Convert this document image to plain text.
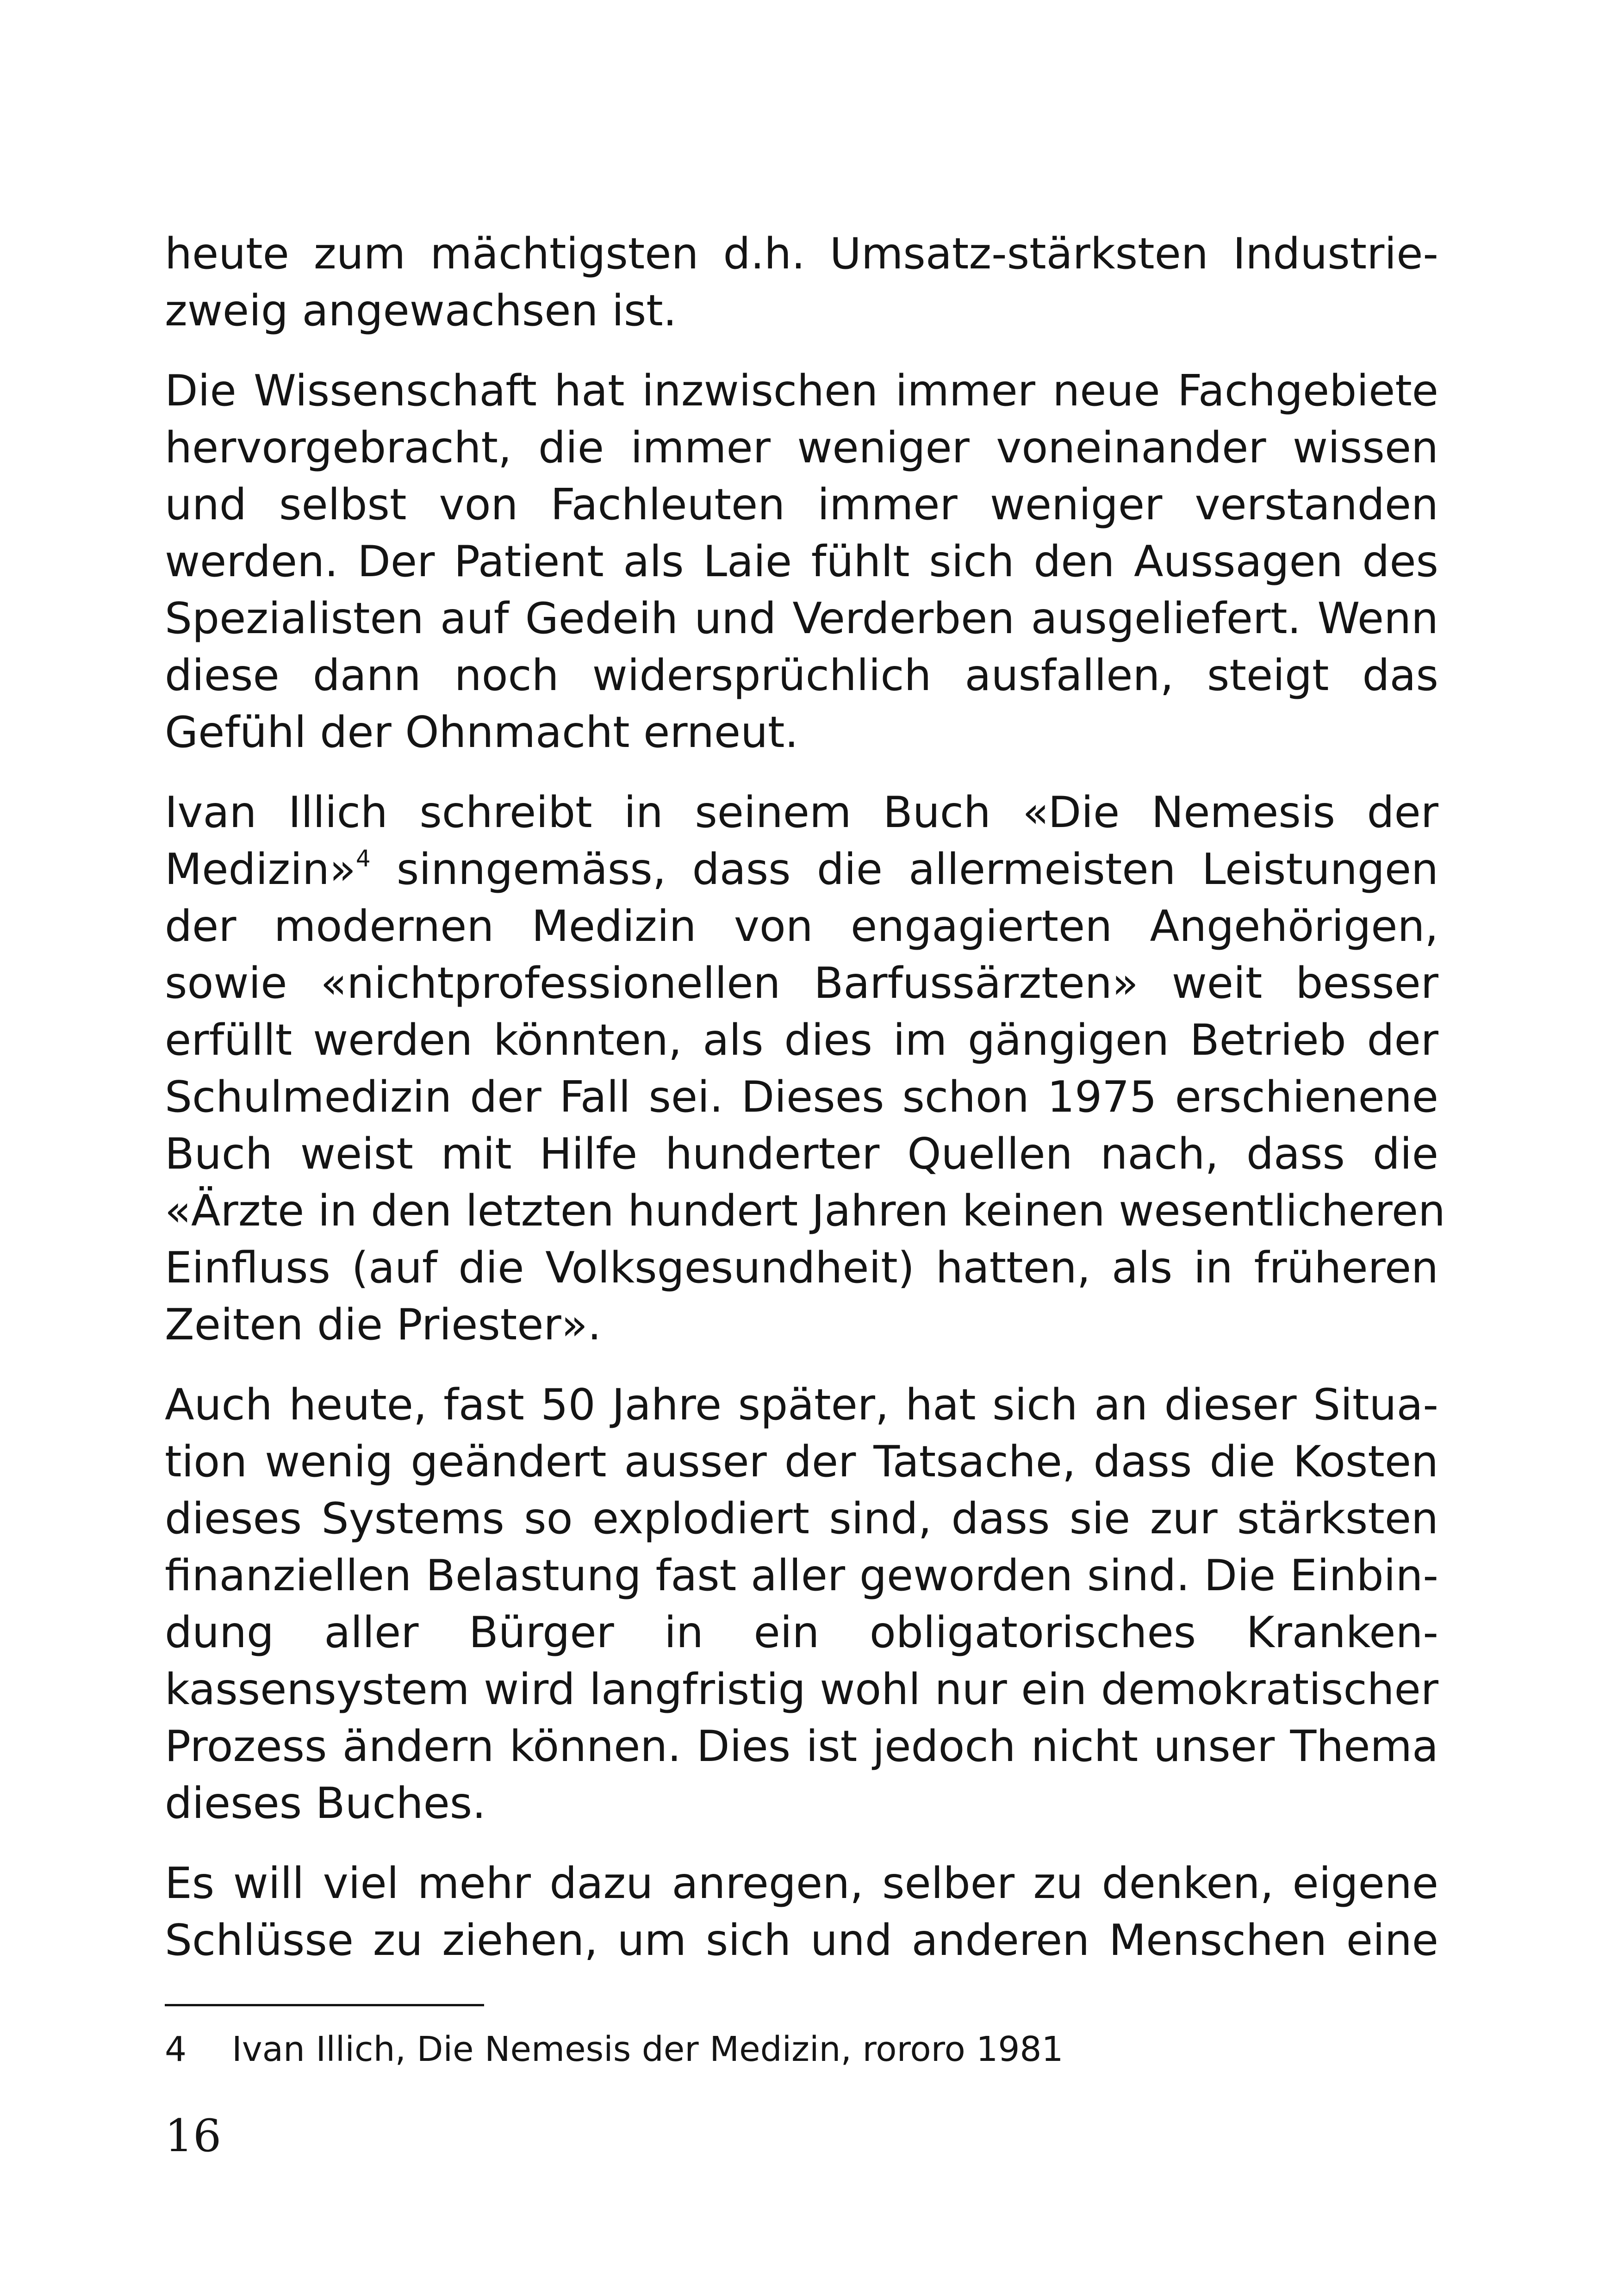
heute zum mächtigsten d.h. Umsatz-stärksten Industrie-
zweig angewachsen ist.

Die Wissenschaft hat inzwischen immer neue Fachgebiete
hervorgebracht, die immer weniger voneinander wissen
und selbst von Fachleuten immer weniger verstanden
werden. Der Patient als Laie fühlt sich den Aussagen des
Spezialisten auf Gedeih und Verderben ausgeliefert. Wenn
diese dann noch widersprüchlich ausfallen, steigt das
Gefühl der Ohnmacht erneut.

Ivan Illich schreibt in seinem Buch «Die Nemesis der
Medizin»$^4$ sinngemäss, dass die allermeisten Leistungen
der modernen Medizin von engagierten Angehörigen,
sowie «nichtprofessionellen Barfussärzten» weit besser
erfüllt werden könnten, als dies im gängigen Betrieb der
Schulmedizin der Fall sei. Dieses schon 1975 erschienene
Buch weist mit Hilfe hunderter Quellen nach, dass die
«Ärzte in den letzten hundert Jahren keinen wesentlicheren
Einfluss (auf die Volksgesundheit) hatten, als in früheren
Zeiten die Priester».

Auch heute, fast 50 Jahre später, hat sich an dieser Situa-
tion wenig geändert ausser der Tatsache, dass die Kosten
dieses Systems so explodiert sind, dass sie zur stärksten
finanziellen Belastung fast aller geworden sind. Die Einbin-
dung aller Bürger in ein obligatorisches Kranken-
kassensystem wird langfristig wohl nur ein demokratischer
Prozess ändern können. Dies ist jedoch nicht unser Thema
dieses Buches.

Es will viel mehr dazu anregen, selber zu denken, eigene
Schlüsse zu ziehen, um sich und anderen Menschen eine

4 Ivan Illich, Die Nemesis der Medizin, rororo 1981
16
